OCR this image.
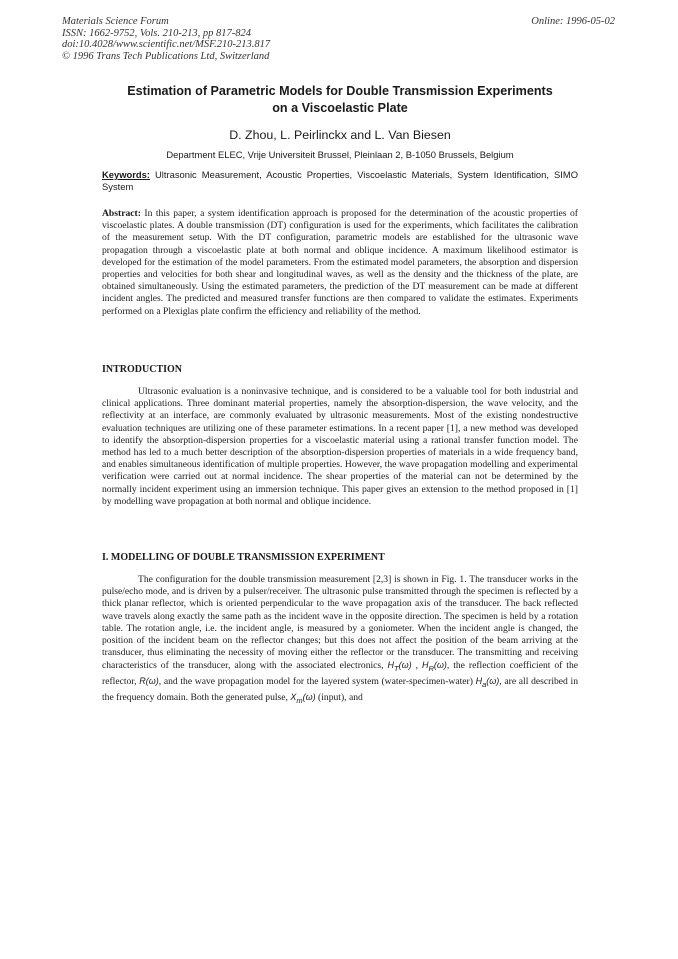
Materials Science Forum
ISSN: 1662-9752, Vols. 210-213, pp 817-824
doi:10.4028/www.scientific.net/MSF.210-213.817
© 1996 Trans Tech Publications Ltd, Switzerland
Online: 1996-05-02
Estimation of Parametric Models for Double Transmission Experiments
on a Viscoelastic Plate
D. Zhou, L. Peirlinckx and L. Van Biesen
Department ELEC, Vrije Universiteit Brussel, Pleinlaan 2, B-1050 Brussels, Belgium
Keywords: Ultrasonic Measurement, Acoustic Properties, Viscoelastic Materials, System Identification, SIMO System
Abstract: In this paper, a system identification approach is proposed for the determination of the acoustic properties of viscoelastic plates. A double transmission (DT) configuration is used for the experiments, which facilitates the calibration of the measurement setup. With the DT configuration, parametric models are established for the ultrasonic wave propagation through a viscoelastic plate at both normal and oblique incidence. A maximum likelihood estimator is developed for the estimation of the model parameters. From the estimated model parameters, the absorption and dispersion properties and velocities for both shear and longitudinal waves, as well as the density and the thickness of the plate, are obtained simultaneously. Using the estimated parameters, the prediction of the DT measurement can be made at different incident angles. The predicted and measured transfer functions are then compared to validate the estimates. Experiments performed on a Plexiglas plate confirm the efficiency and reliability of the method.
INTRODUCTION
Ultrasonic evaluation is a noninvasive technique, and is considered to be a valuable tool for both industrial and clinical applications. Three dominant material properties, namely the absorption-dispersion, the wave velocity, and the reflectivity at an interface, are commonly evaluated by ultrasonic measurements. Most of the existing nondestructive evaluation techniques are utilizing one of these parameter estimations. In a recent paper [1], a new method was developed to identify the absorption-dispersion properties for a viscoelastic material using a rational transfer function model. The method has led to a much better description of the absorption-dispersion properties of materials in a wide frequency band, and enables simultaneous identification of multiple properties. However, the wave propagation modelling and experimental verification were carried out at normal incidence. The shear properties of the material can not be determined by the normally incident experiment using an immersion technique. This paper gives an extension to the method proposed in [1] by modelling wave propagation at both normal and oblique incidence.
I. MODELLING OF DOUBLE TRANSMISSION EXPERIMENT
The configuration for the double transmission measurement [2,3] is shown in Fig. 1. The transducer works in the pulse/echo mode, and is driven by a pulser/receiver. The ultrasonic pulse transmitted through the specimen is reflected by a thick planar reflector, which is oriented perpendicular to the wave propagation axis of the transducer. The back reflected wave travels along exactly the same path as the incident wave in the opposite direction. The specimen is held by a rotation table. The rotation angle, i.e. the incident angle, is measured by a goniometer. When the incident angle is changed, the position of the incident beam on the reflector changes; but this does not affect the position of the beam arriving at the transducer, thus eliminating the necessity of moving either the reflector or the transducer. The transmitting and receiving characteristics of the transducer, along with the associated electronics, $H_T(\omega)$ , $H_R(\omega)$, the reflection coefficient of the reflector, R(ω), and the wave propagation model for the layered system (water-specimen-water) $H_a(\omega)$, are all described in the frequency domain. Both the generated pulse, $X_m(\omega)$ (input), and
